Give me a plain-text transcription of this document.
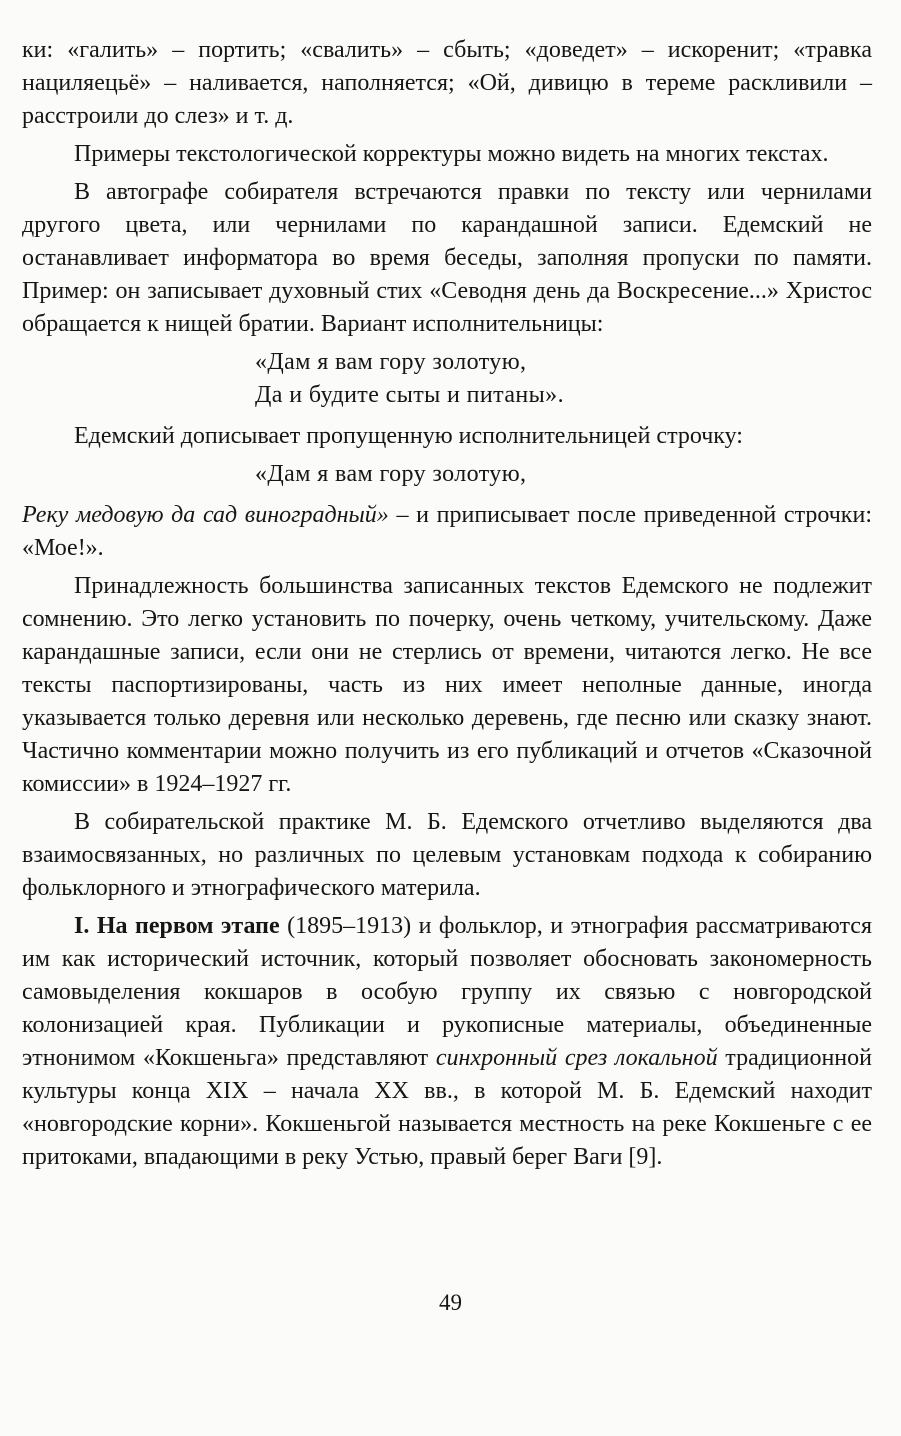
ки: «галить» – портить; «свалить» – сбыть; «доведет» – искоренит; «травка нациляецьё» – наливается, наполняется; «Ой, дивицю в тереме раскливили – расстроили до слез» и т. д.

Примеры текстологической корректуры можно видеть на многих текстах.

В автографе собирателя встречаются правки по тексту или чернилами другого цвета, или чернилами по карандашной записи. Едемский не останавливает информатора во время беседы, заполняя пропуски по памяти. Пример: он записывает духовный стих «Севодня день да Воскресение...» Христос обращается к нищей братии. Вариант исполнительницы:

«Дам я вам гору золотую,
Да и будите сыты и питаны».

Едемский дописывает пропущенную исполнительницей строчку:

«Дам я вам гору золотую,

Реку медовую да сад виноградный» – и приписывает после приведенной строчки: «Мое!».

Принадлежность большинства записанных текстов Едемского не подлежит сомнению. Это легко установить по почерку, очень четкому, учительскому. Даже карандашные записи, если они не стерлись от времени, читаются легко. Не все тексты паспортизированы, часть из них имеет неполные данные, иногда указывается только деревня или несколько деревень, где песню или сказку знают. Частично комментарии можно получить из его публикаций и отчетов «Сказочной комиссии» в 1924–1927 гг.

В собирательской практике М. Б. Едемского отчетливо выделяются два взаимосвязанных, но различных по целевым установкам подхода к собиранию фольклорного и этнографического материла.

I. На первом этапе (1895–1913) и фольклор, и этнография рассматриваются им как исторический источник, который позволяет обосновать закономерность самовыделения кокшаров в особую группу их связью с новгородской колонизацией края. Публикации и рукописные материалы, объединенные этнонимом «Кокшеньга» представляют синхронный срез локальной традиционной культуры конца XIX – начала XX вв., в которой М. Б. Едемский находит «новгородские корни». Кокшеньгой называется местность на реке Кокшеньге с ее притоками, впадающими в реку Устью, правый берег Ваги [9].

49
